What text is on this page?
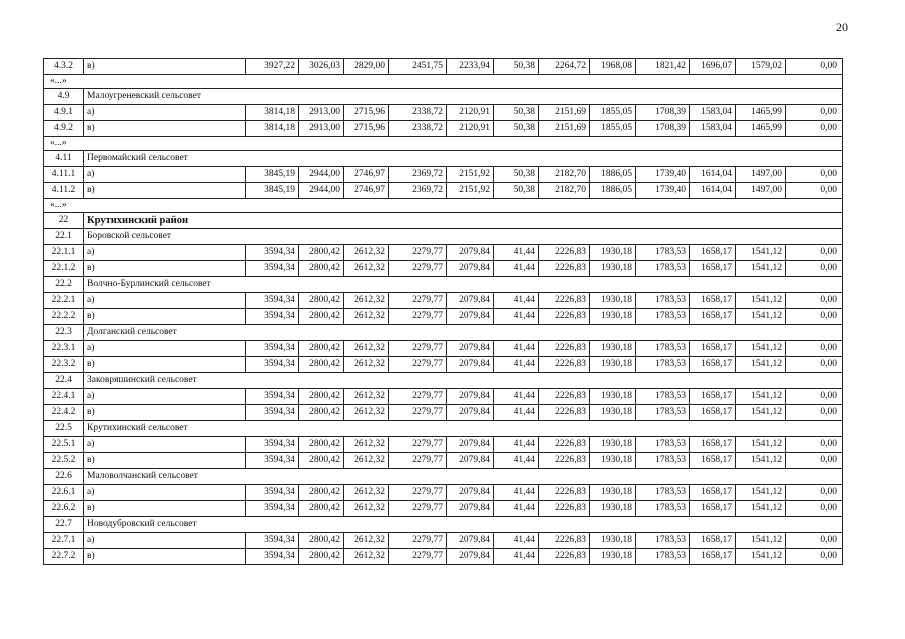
20
4.3.2	в)	3927,22	3026,03	2829,00	2451,75	2233,94	50,38	2264,72	1968,08	1821,42	1696,07	1579,02	0,00
«...»													
4.9	Малоугреневский сельсовет												
4.9.1	а)	3814,18	2913,00	2715,96	2338,72	2120,91	50,38	2151,69	1855,05	1708,39	1583,04	1465,99	0,00
4.9.2	в)	3814,18	2913,00	2715,96	2338,72	2120,91	50,38	2151,69	1855,05	1708,39	1583,04	1465,99	0,00
«...»													
4.11	Первомайский сельсовет												
4.11.1	а)	3845,19	2944,00	2746,97	2369,72	2151,92	50,38	2182,70	1886,05	1739,40	1614,04	1497,00	0,00
4.11.2	в)	3845,19	2944,00	2746,97	2369,72	2151,92	50,38	2182,70	1886,05	1739,40	1614,04	1497,00	0,00
«...»													
22	Крутихинский район												
22.1	Боровской сельсовет												
22.1.1	а)	3594,34	2800,42	2612,32	2279,77	2079,84	41,44	2226,83	1930,18	1783,53	1658,17	1541,12	0,00
22.1.2	в)	3594,34	2800,42	2612,32	2279,77	2079,84	41,44	2226,83	1930,18	1783,53	1658,17	1541,12	0,00
22.2	Волчно-Бурлинский сельсовет												
22.2.1	а)	3594,34	2800,42	2612,32	2279,77	2079,84	41,44	2226,83	1930,18	1783,53	1658,17	1541,12	0,00
22.2.2	в)	3594,34	2800,42	2612,32	2279,77	2079,84	41,44	2226,83	1930,18	1783,53	1658,17	1541,12	0,00
22.3	Долганский сельсовет												
22.3.1	а)	3594,34	2800,42	2612,32	2279,77	2079,84	41,44	2226,83	1930,18	1783,53	1658,17	1541,12	0,00
22.3.2	в)	3594,34	2800,42	2612,32	2279,77	2079,84	41,44	2226,83	1930,18	1783,53	1658,17	1541,12	0,00
22.4	Заковряшинский сельсовет												
22.4.1	а)	3594,34	2800,42	2612,32	2279,77	2079,84	41,44	2226,83	1930,18	1783,53	1658,17	1541,12	0,00
22.4.2	в)	3594,34	2800,42	2612,32	2279,77	2079,84	41,44	2226,83	1930,18	1783,53	1658,17	1541,12	0,00
22.5	Крутихинский сельсовет												
22.5.1	а)	3594,34	2800,42	2612,32	2279,77	2079,84	41,44	2226,83	1930,18	1783,53	1658,17	1541,12	0,00
22.5.2	в)	3594,34	2800,42	2612,32	2279,77	2079,84	41,44	2226,83	1930,18	1783,53	1658,17	1541,12	0,00
22.6	Маловолчанский сельсовет												
22.6.1	а)	3594,34	2800,42	2612,32	2279,77	2079,84	41,44	2226,83	1930,18	1783,53	1658,17	1541,12	0,00
22.6.2	в)	3594,34	2800,42	2612,32	2279,77	2079,84	41,44	2226,83	1930,18	1783,53	1658,17	1541,12	0,00
22.7	Новодубровский сельсовет												
22.7.1	а)	3594,34	2800,42	2612,32	2279,77	2079,84	41,44	2226,83	1930,18	1783,53	1658,17	1541,12	0,00
22.7.2	в)	3594,34	2800,42	2612,32	2279,77	2079,84	41,44	2226,83	1930,18	1783,53	1658,17	1541,12	0,00
